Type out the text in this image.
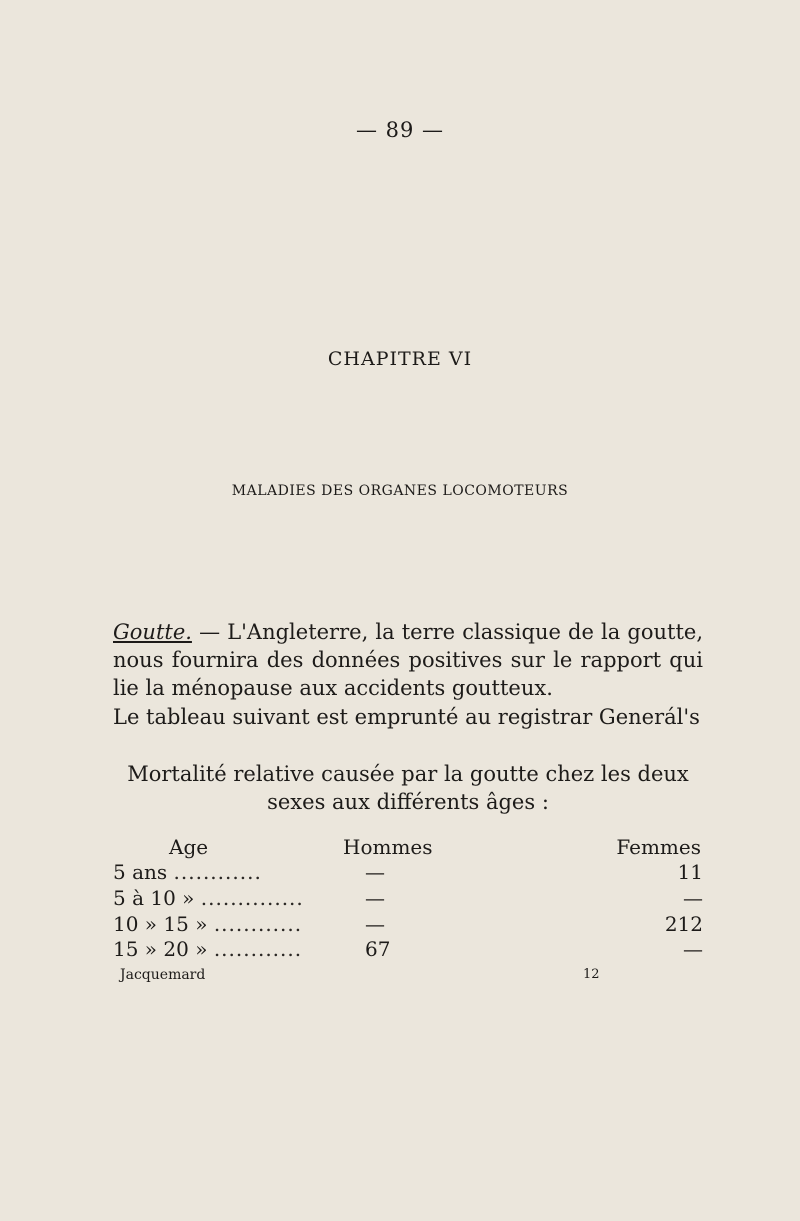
— 89 —
CHAPITRE VI
MALADIES DES ORGANES LOCOMOTEURS
Goutte. — L'Angleterre, la terre classique de la goutte, nous fournira des données positives sur le rapport qui lie la ménopause aux accidents goutteux.
Le tableau suivant est emprunté au registrar Generál's
Mortalité relative causée par la goutte chez les deux sexes aux différents âges :
Age	Hommes	Femmes
5 ans ............	—	11
5 à 10 » ..............	—	—
10 » 15 » ............	—	212
15 » 20 » ............	67	—
Jacquemard	12
